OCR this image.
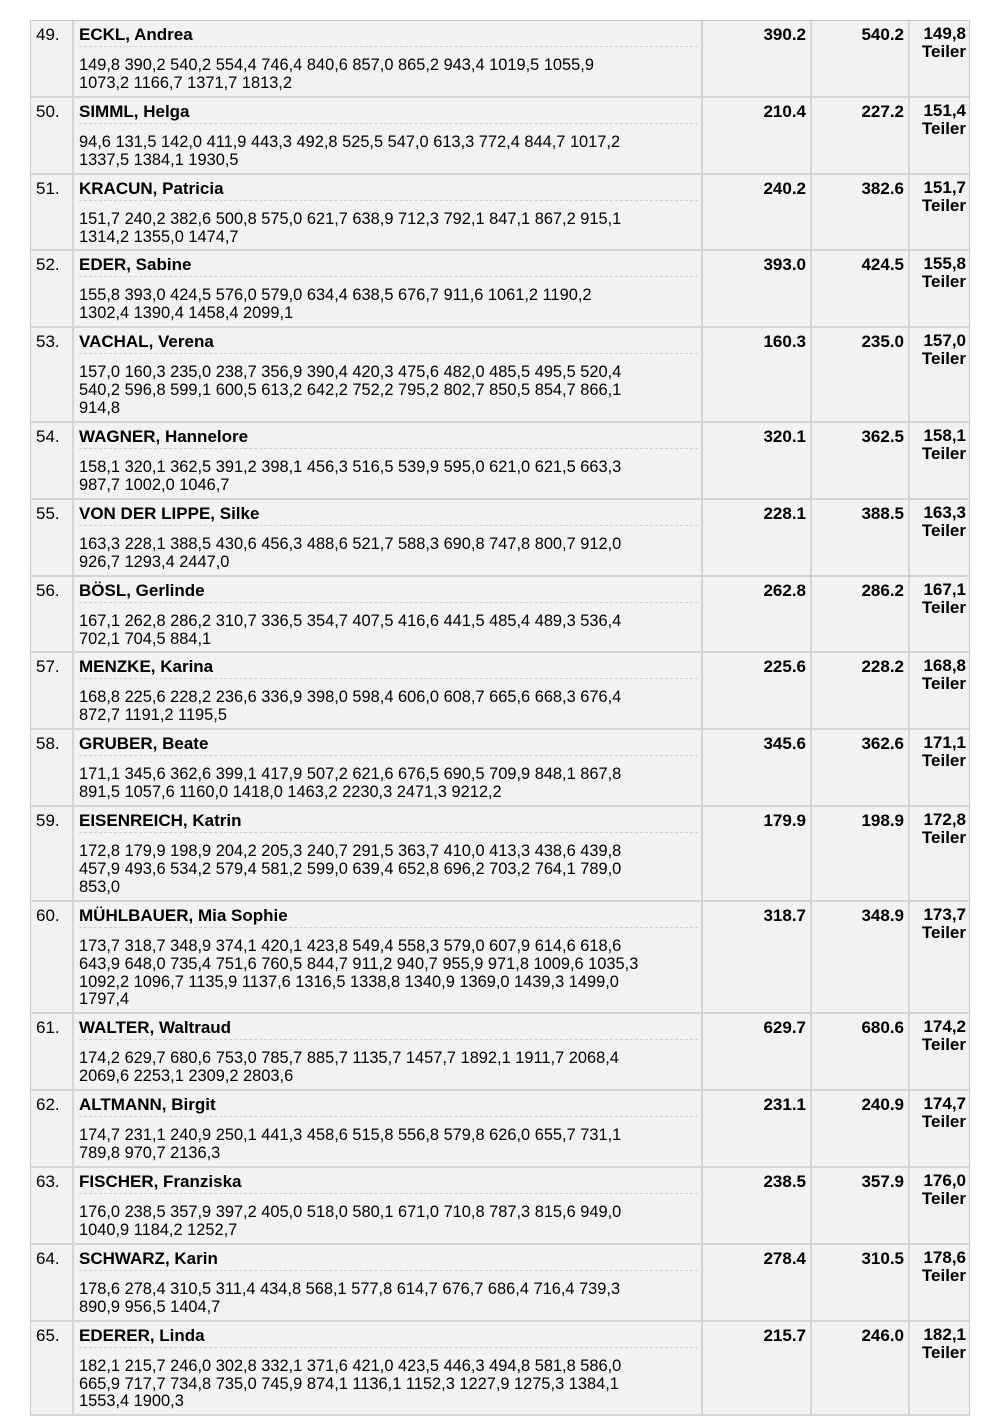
49.	ECKL, Andrea
149,8 390,2 540,2 554,4 746,4 840,6 857,0 865,2 943,4 1019,5 1055,9
1073,2 1166,7 1371,7 1813,2
390.2	540.2	149,8
Teiler
50.	SIMML, Helga
94,6 131,5 142,0 411,9 443,3 492,8 525,5 547,0 613,3 772,4 844,7 1017,2
1337,5 1384,1 1930,5
210.4	227.2	151,4
Teiler
51.	KRACUN, Patricia
151,7 240,2 382,6 500,8 575,0 621,7 638,9 712,3 792,1 847,1 867,2 915,1
1314,2 1355,0 1474,7
240.2	382.6	151,7
Teiler
52.	EDER, Sabine
155,8 393,0 424,5 576,0 579,0 634,4 638,5 676,7 911,6 1061,2 1190,2
1302,4 1390,4 1458,4 2099,1
393.0	424.5	155,8
Teiler
53.	VACHAL, Verena
157,0 160,3 235,0 238,7 356,9 390,4 420,3 475,6 482,0 485,5 495,5 520,4
540,2 596,8 599,1 600,5 613,2 642,2 752,2 795,2 802,7 850,5 854,7 866,1
914,8
160.3	235.0	157,0
Teiler
54.	WAGNER, Hannelore
158,1 320,1 362,5 391,2 398,1 456,3 516,5 539,9 595,0 621,0 621,5 663,3
987,7 1002,0 1046,7
320.1	362.5	158,1
Teiler
55.	VON DER LIPPE, Silke
163,3 228,1 388,5 430,6 456,3 488,6 521,7 588,3 690,8 747,8 800,7 912,0
926,7 1293,4 2447,0
228.1	388.5	163,3
Teiler
56.	BÖSL, Gerlinde
167,1 262,8 286,2 310,7 336,5 354,7 407,5 416,6 441,5 485,4 489,3 536,4
702,1 704,5 884,1
262.8	286.2	167,1
Teiler
57.	MENZKE, Karina
168,8 225,6 228,2 236,6 336,9 398,0 598,4 606,0 608,7 665,6 668,3 676,4
872,7 1191,2 1195,5
225.6	228.2	168,8
Teiler
58.	GRUBER, Beate
171,1 345,6 362,6 399,1 417,9 507,2 621,6 676,5 690,5 709,9 848,1 867,8
891,5 1057,6 1160,0 1418,0 1463,2 2230,3 2471,3 9212,2
345.6	362.6	171,1
Teiler
59.	EISENREICH, Katrin
172,8 179,9 198,9 204,2 205,3 240,7 291,5 363,7 410,0 413,3 438,6 439,8
457,9 493,6 534,2 579,4 581,2 599,0 639,4 652,8 696,2 703,2 764,1 789,0
853,0
179.9	198.9	172,8
Teiler
60.	MÜHLBAUER, Mia Sophie
173,7 318,7 348,9 374,1 420,1 423,8 549,4 558,3 579,0 607,9 614,6 618,6
643,9 648,0 735,4 751,6 760,5 844,7 911,2 940,7 955,9 971,8 1009,6 1035,3
1092,2 1096,7 1135,9 1137,6 1316,5 1338,8 1340,9 1369,0 1439,3 1499,0
1797,4
318.7	348.9	173,7
Teiler
61.	WALTER, Waltraud
174,2 629,7 680,6 753,0 785,7 885,7 1135,7 1457,7 1892,1 1911,7 2068,4
2069,6 2253,1 2309,2 2803,6
629.7	680.6	174,2
Teiler
62.	ALTMANN, Birgit
174,7 231,1 240,9 250,1 441,3 458,6 515,8 556,8 579,8 626,0 655,7 731,1
789,8 970,7 2136,3
231.1	240.9	174,7
Teiler
63.	FISCHER, Franziska
176,0 238,5 357,9 397,2 405,0 518,0 580,1 671,0 710,8 787,3 815,6 949,0
1040,9 1184,2 1252,7
238.5	357.9	176,0
Teiler
64.	SCHWARZ, Karin
178,6 278,4 310,5 311,4 434,8 568,1 577,8 614,7 676,7 686,4 716,4 739,3
890,9 956,5 1404,7
278.4	310.5	178,6
Teiler
65.	EDERER, Linda
182,1 215,7 246,0 302,8 332,1 371,6 421,0 423,5 446,3 494,8 581,8 586,0
665,9 717,7 734,8 735,0 745,9 874,1 1136,1 1152,3 1227,9 1275,3 1384,1
1553,4 1900,3
215.7	246.0	182,1
Teiler
